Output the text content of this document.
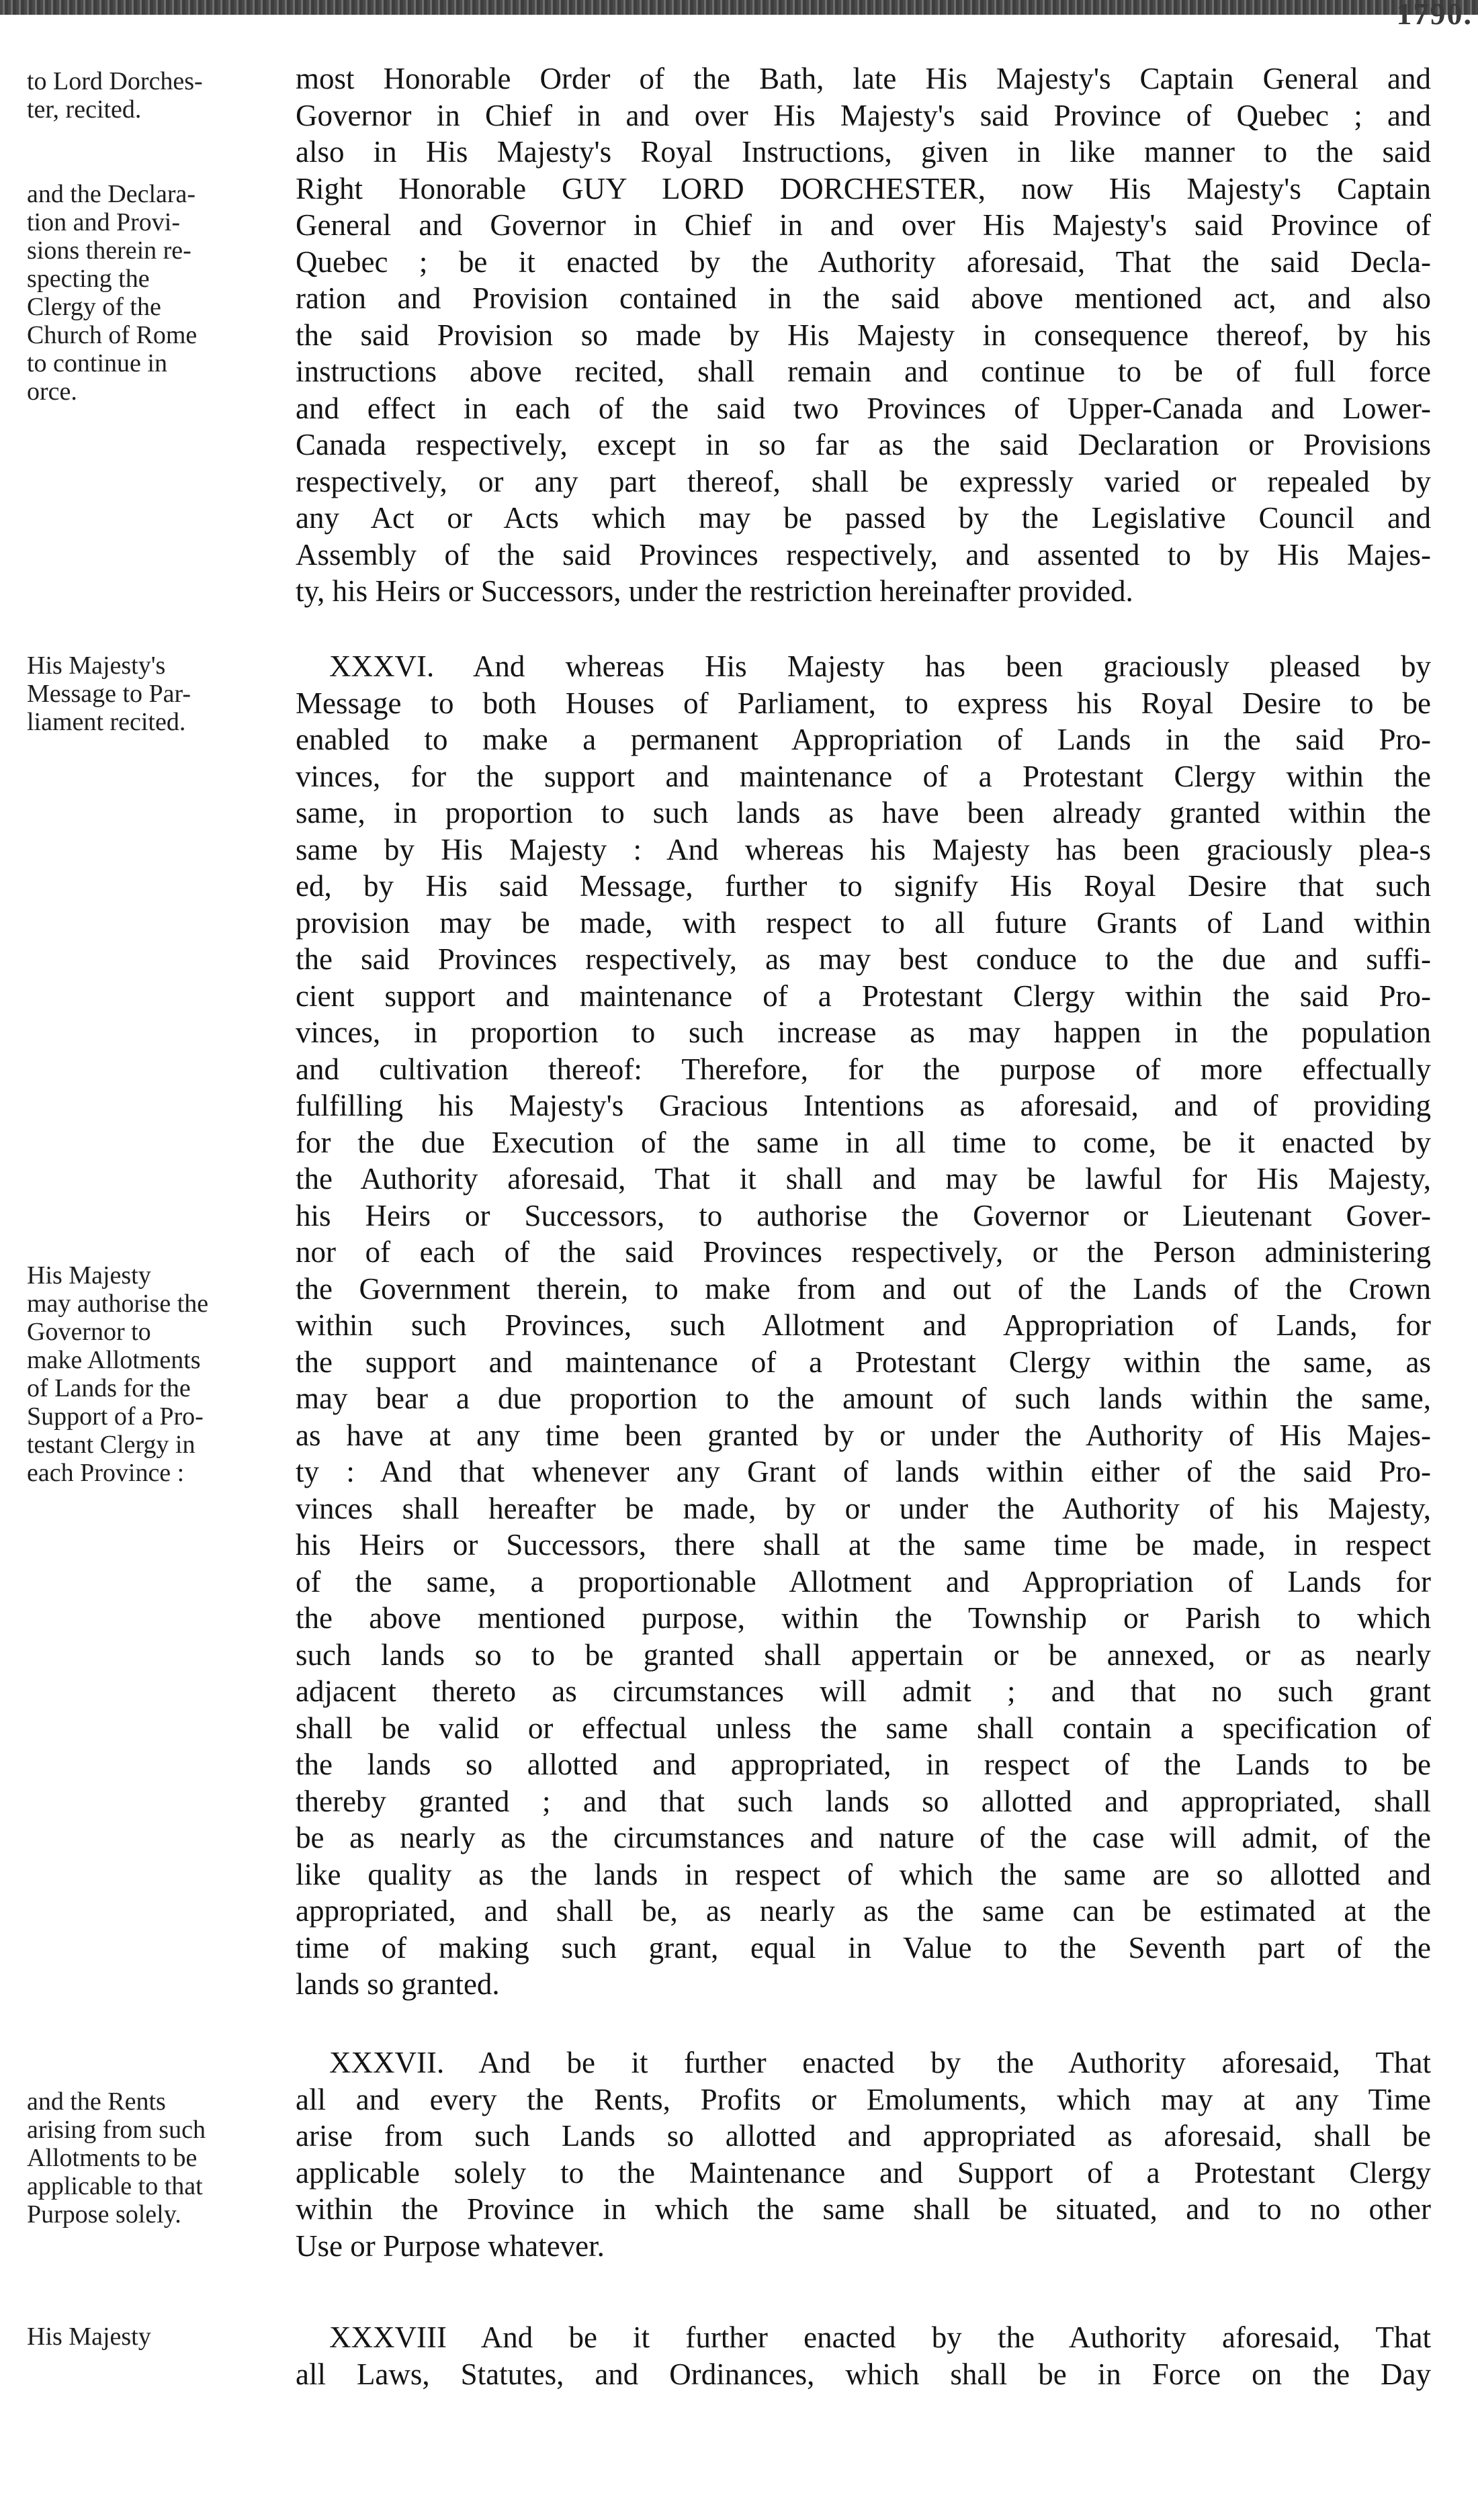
1790.
to Lord Dorches-
ter, recited.

and the Declara-
tion and Provi-
sions therein re-
specting the
Clergy of the
Church of Rome
to continue in
orce.
His Majesty's
Message to Par-
liament recited.
His Majesty
may authorise the
Governor to
make Allotments
of Lands for the
Support of a Pro-
testant Clergy in
each Province :
and the Rents
arising from such
Allotments to be
applicable to that
Purpose solely.
His Majesty
most Honorable Order of the Bath, late His Majesty's Captain General and
Governor in Chief in and over His Majesty's said Province of Quebec ; and
also in His Majesty's Royal Instructions, given in like manner to the said
Right Honorable GUY LORD DORCHESTER, now His Majesty's Captain
General and Governor in Chief in and over His Majesty's said Province of
Quebec ; be it enacted by the Authority aforesaid, That the said Decla-
ration and Provision contained in the said above mentioned act, and also
the said Provision so made by His Majesty in consequence thereof, by his
instructions above recited, shall remain and continue to be of full force
and effect in each of the said two Provinces of Upper-Canada and Lower-
Canada respectively, except in so far as the said Declaration or Provisions
respectively, or any part thereof, shall be expressly varied or repealed by
any Act or Acts which may be passed by the Legislative Council and
Assembly of the said Provinces respectively, and assented to by His Majes-
ty, his Heirs or Successors, under the restriction hereinafter provided.
XXXVI. And whereas His Majesty has been graciously pleased by
Message to both Houses of Parliament, to express his Royal Desire to be
enabled to make a permanent Appropriation of Lands in the said Pro-
vinces, for the support and maintenance of a Protestant Clergy within the
same, in proportion to such lands as have been already granted within the
same by His Majesty : And whereas his Majesty has been graciously plea-s
ed, by His said Message, further to signify His Royal Desire that such
provision may be made, with respect to all future Grants of Land within
the said Provinces respectively, as may best conduce to the due and suffi-
cient support and maintenance of a Protestant Clergy within the said Pro-
vinces, in proportion to such increase as may happen in the population
and cultivation thereof: Therefore, for the purpose of more effectually
fulfilling his Majesty's Gracious Intentions as aforesaid, and of providing
for the due Execution of the same in all time to come, be it enacted by
the Authority aforesaid, That it shall and may be lawful for His Majesty,
his Heirs or Successors, to authorise the Governor or Lieutenant Gover-
nor of each of the said Provinces respectively, or the Person administering
the Government therein, to make from and out of the Lands of the Crown
within such Provinces, such Allotment and Appropriation of Lands, for
the support and maintenance of a Protestant Clergy within the same, as
may bear a due proportion to the amount of such lands within the same,
as have at any time been granted by or under the Authority of His Majes-
ty : And that whenever any Grant of lands within either of the said Pro-
vinces shall hereafter be made, by or under the Authority of his Majesty,
his Heirs or Successors, there shall at the same time be made, in respect
of the same, a proportionable Allotment and Appropriation of Lands for
the above mentioned purpose, within the Township or Parish to which
such lands so to be granted shall appertain or be annexed, or as nearly
adjacent thereto as circumstances will admit ; and that no such grant
shall be valid or effectual unless the same shall contain a specification of
the lands so allotted and appropriated, in respect of the Lands to be
thereby granted ; and that such lands so allotted and appropriated, shall
be as nearly as the circumstances and nature of the case will admit, of the
like quality as the lands in respect of which the same are so allotted and
appropriated, and shall be, as nearly as the same can be estimated at the
time of making such grant, equal in Value to the Seventh part of the
lands so granted.
XXXVII. And be it further enacted by the Authority aforesaid, That
all and every the Rents, Profits or Emoluments, which may at any Time
arise from such Lands so allotted and appropriated as aforesaid, shall be
applicable solely to the Maintenance and Support of a Protestant Clergy
within the Province in which the same shall be situated, and to no other
Use or Purpose whatever.
XXXVIII And be it further enacted by the Authority aforesaid, That
all Laws, Statutes, and Ordinances, which shall be in Force on the Day
